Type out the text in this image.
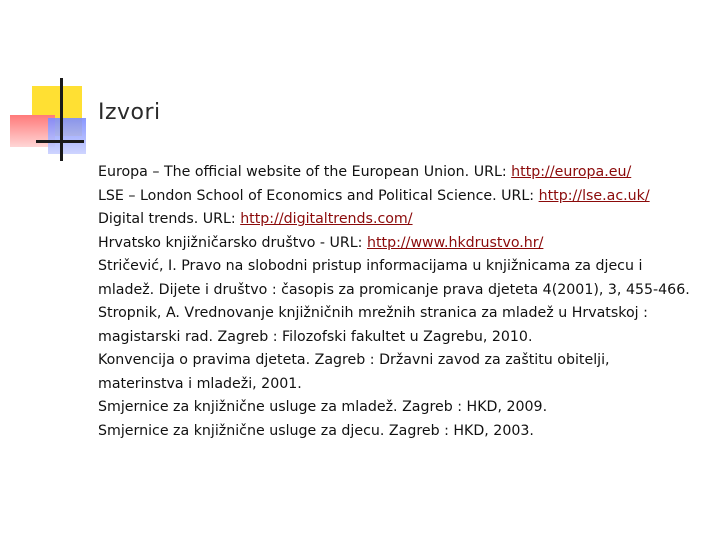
Izvori
Europa – The official website of the European Union. URL: http://europa.eu/
LSE – London School of Economics and Political Science. URL: http://lse.ac.uk/
Digital trends. URL: http://digitaltrends.com/
Hrvatsko knjižničarsko društvo - URL: http://www.hkdrustvo.hr/
Stričević, I. Pravo na slobodni pristup informacijama u knjižnicama za djecu i
mladež. Dijete i društvo : časopis za promicanje prava djeteta 4(2001), 3, 455-466.
Stropnik, A. Vrednovanje knjižničnih mrežnih stranica za mladež u Hrvatskoj :
magistarski rad. Zagreb : Filozofski fakultet u Zagrebu, 2010.
Konvencija o pravima djeteta. Zagreb : Državni zavod za zaštitu obitelji,
materinstva i mladeži, 2001.
Smjernice za knjižnične usluge za mladež. Zagreb : HKD, 2009.
Smjernice za knjižnične usluge za djecu. Zagreb : HKD, 2003.
